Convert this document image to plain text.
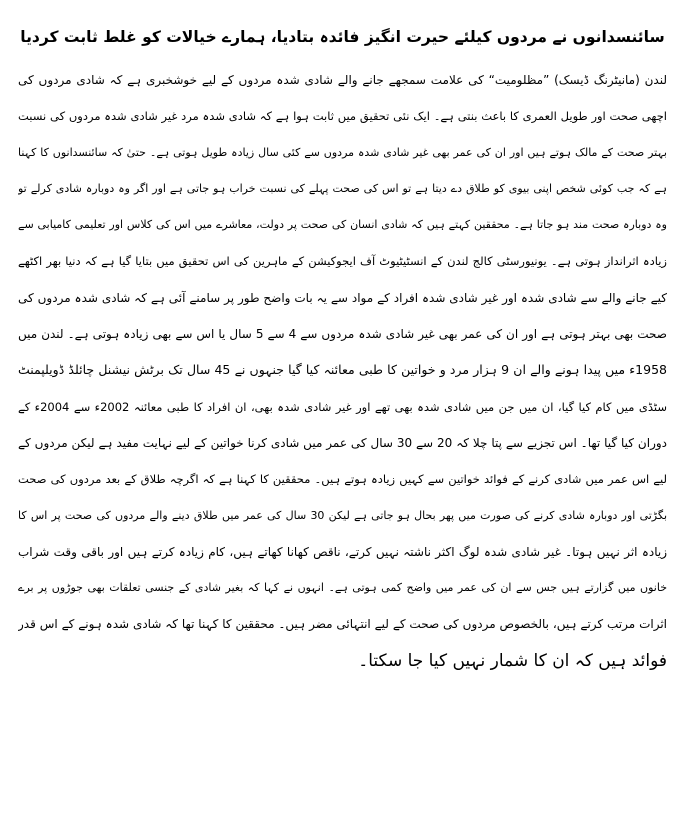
سائنسدانوں نے مردوں کیلئے حیرت انگیز فائدہ بتادیا، ہمارے خیالات کو غلط ثابت کردیا
لندن (مانیٹرنگ ڈیسک) ”مظلومیت“ کی علامت سمجھے جانے والے شادی شدہ مردوں کے لیے خوشخبری ہے کہ شادی مردوں کی
اچھی صحت اور طویل العمری کا باعث بنتی ہے۔ ایک نئی تحقیق میں ثابت ہوا ہے کہ شادی شدہ مرد غیر شادی شدہ مردوں کی نسبت
بہتر صحت کے مالک ہوتے ہیں اور ان کی عمر بھی غیر شادی شدہ مردوں سے کئی سال زیادہ طویل ہوتی ہے۔ حتیٰ کہ سائنسدانوں کا کہنا
ہے کہ جب کوئی شخص اپنی بیوی کو طلاق دے دیتا ہے تو اس کی صحت پہلے کی نسبت خراب ہو جاتی ہے اور اگر وہ دوبارہ شادی کرلے تو
وہ دوبارہ صحت مند ہو جاتا ہے۔ محققین کہتے ہیں کہ شادی انسان کی صحت پر دولت، معاشرے میں اس کی کلاس اور تعلیمی کامیابی سے
زیادہ اثرانداز ہوتی ہے۔ یونیورسٹی کالج لندن کے انسٹیٹیوٹ آف ایجوکیشن کے ماہرین کی اس تحقیق میں بتایا گیا ہے کہ دنیا بھر اکٹھے
کیے جانے والے سے شادی شدہ اور غیر شادی شدہ افراد کے مواد سے یہ بات واضح طور پر سامنے آئی ہے کہ شادی شدہ مردوں کی
صحت بھی بہتر ہوتی ہے اور ان کی عمر بھی غیر شادی شدہ مردوں سے 4 سے 5 سال یا اس سے بھی زیادہ ہوتی ہے۔ لندن میں
1958ء میں پیدا ہونے والے ان 9 ہزار مرد و خواتین کا طبی معائنہ کیا گیا جنہوں نے 45 سال تک برٹش نیشنل چائلڈ ڈویلپمنٹ
سٹڈی میں کام کیا گیا، ان میں جن میں شادی شدہ بھی تھے اور غیر شادی شدہ بھی، ان افراد کا طبی معائنہ 2002ء سے 2004ء کے
دوران کیا گیا تھا۔ اس تجزیے سے پتا چلا کہ 20 سے 30 سال کی عمر میں شادی کرنا خواتین کے لیے نہایت مفید ہے لیکن مردوں کے
لیے اس عمر میں شادی کرنے کے فوائد خواتین سے کہیں زیادہ ہوتے ہیں۔ محققین کا کہنا ہے کہ اگرچہ طلاق کے بعد مردوں کی صحت
بگڑتی اور دوبارہ شادی کرنے کی صورت میں پھر بحال ہو جاتی ہے لیکن 30 سال کی عمر میں طلاق دینے والے مردوں کی صحت پر اس کا
زیادہ اثر نہیں ہوتا۔ غیر شادی شدہ لوگ اکثر ناشتہ نہیں کرتے، ناقص کھانا کھاتے ہیں، کام زیادہ کرتے ہیں اور باقی وقت شراب
خانوں میں گزارتے ہیں جس سے ان کی عمر میں واضح کمی ہوتی ہے۔ انہوں نے کہا کہ بغیر شادی کے جنسی تعلقات بھی جوڑوں پر برے
اثرات مرتب کرتے ہیں، بالخصوص مردوں کی صحت کے لیے انتہائی مضر ہیں۔ محققین کا کہنا تھا کہ شادی شدہ ہونے کے اس قدر
فوائد ہیں کہ ان کا شمار نہیں کیا جا سکتا۔
